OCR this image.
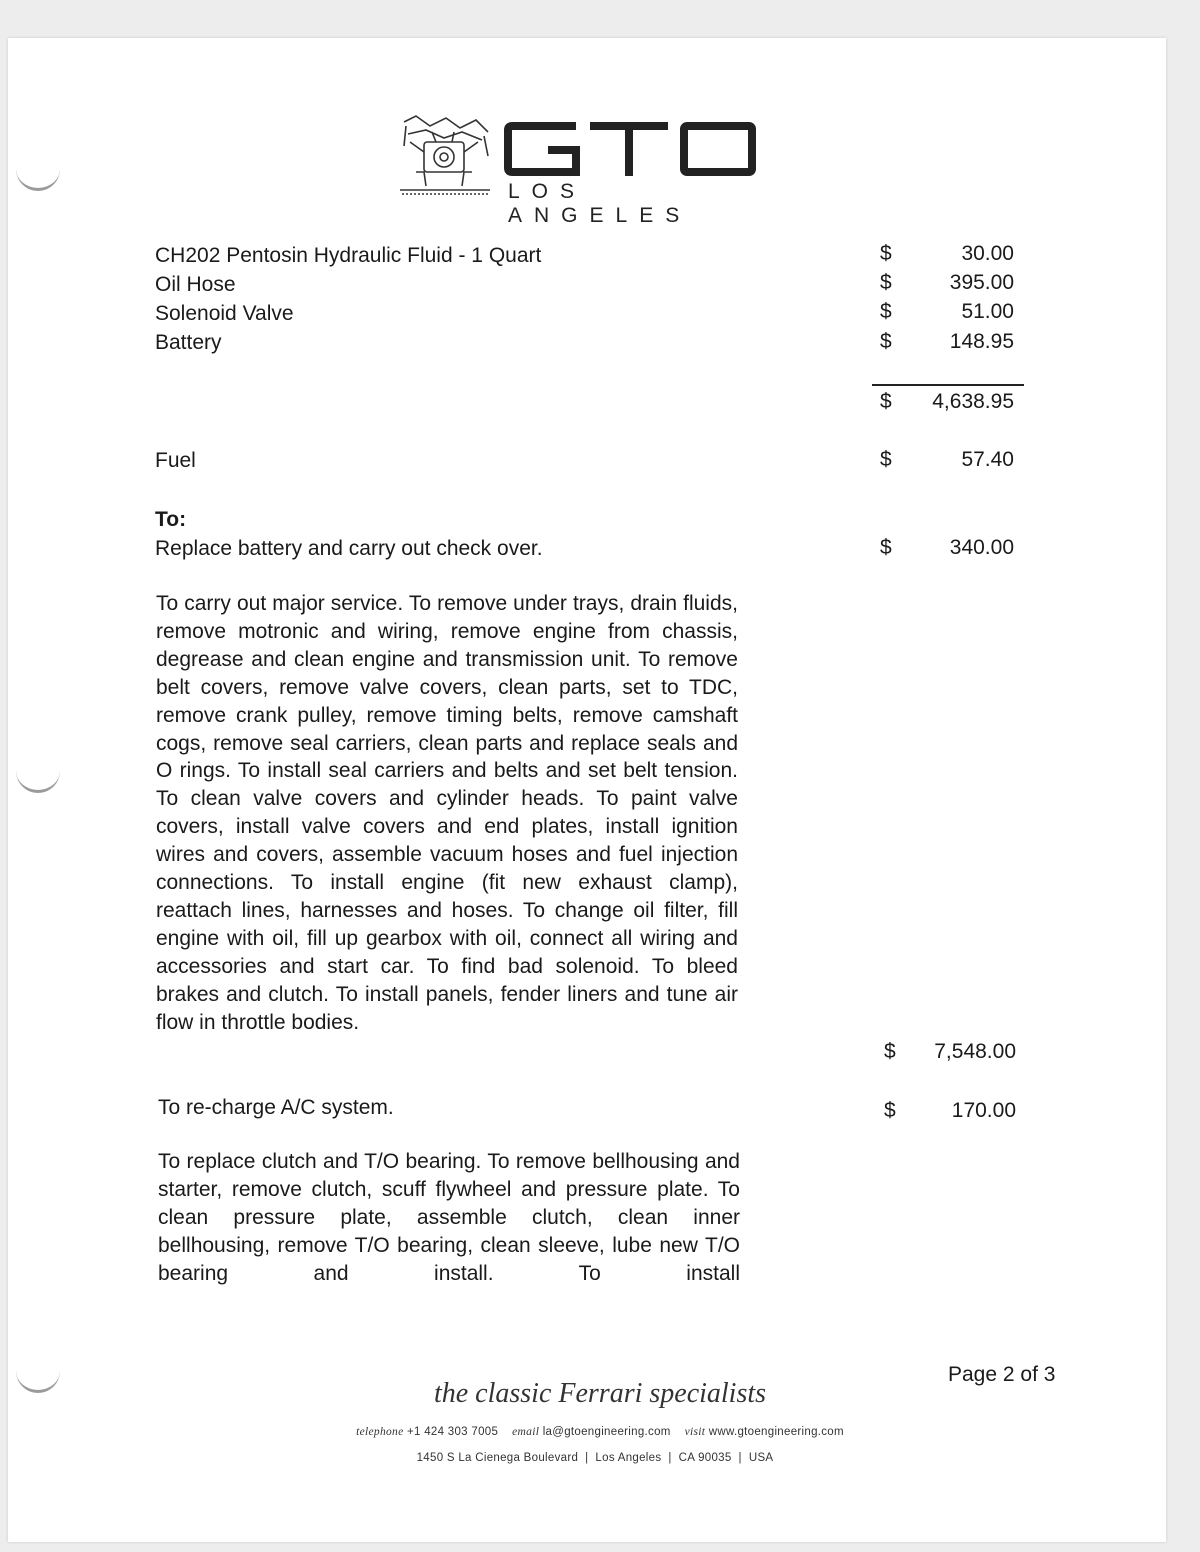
LOS ANGELES
CH202 Pentosin Hydraulic Fluid - 1 Quart	$	30.00
Oil Hose	$	395.00
Solenoid Valve	$	51.00
Battery	$	148.95
$ 4,638.95
Fuel	$	57.40
To:
Replace battery and carry out check over.	$	340.00
To carry out major service. To remove under trays, drain fluids, remove motronic and wiring, remove engine from chassis, degrease and clean engine and transmission unit. To remove belt covers, remove valve covers, clean parts, set to TDC, remove crank pulley, remove timing belts, remove camshaft cogs, remove seal carriers, clean parts and replace seals and O rings. To install seal carriers and belts and set belt tension. To clean valve covers and cylinder heads. To paint valve covers, install valve covers and end plates, install ignition wires and covers, assemble vacuum hoses and fuel injection connections. To install engine (fit new exhaust clamp), reattach lines, harnesses and hoses. To change oil filter, fill engine with oil, fill up gearbox with oil, connect all wiring and accessories and start car. To find bad solenoid. To bleed brakes and clutch. To install panels, fender liners and tune air flow in throttle bodies.
$ 7,548.00
To re-charge A/C system.	$	170.00
To replace clutch and T/O bearing. To remove bellhousing and starter, remove clutch, scuff flywheel and pressure plate. To clean pressure plate, assemble clutch, clean inner bellhousing, remove T/O bearing, clean sleeve, lube new T/O bearing and install. To install
Page 2 of 3
the classic Ferrari specialists
telephone +1 424 303 7005 email la@gtoengineering.com visit www.gtoengineering.com
1450 S La Cienega Boulevard  |  Los Angeles  |  CA 90035  |  USA
